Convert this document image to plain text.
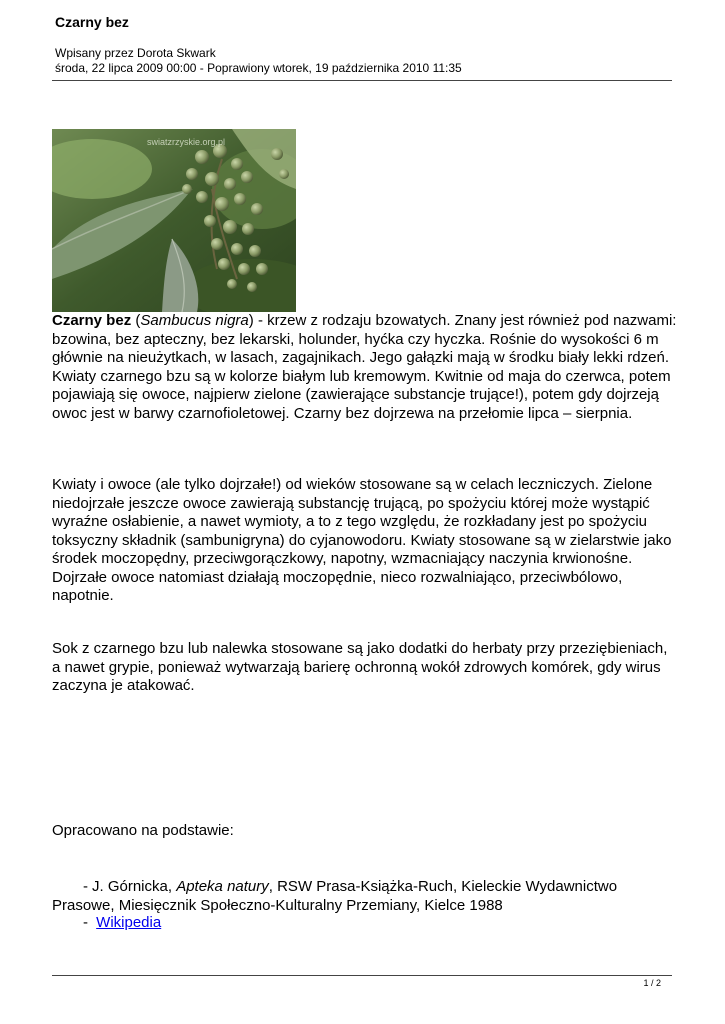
Czarny bez
Wpisany przez Dorota Skwark
środa, 22 lipca 2009 00:00 - Poprawiony wtorek, 19 października 2010 11:35
swiatzrzyskie.org.pl

Czarny bez (Sambucus nigra) - krzew z rodzaju bzowatych. Znany jest również pod nazwami: bzowina, bez apteczny, bez lekarski, holunder, hyćka czy hyczka. Rośnie do wysokości 6 m głównie na nieużytkach, w lasach, zagajnikach. Jego gałązki mają w środku biały lekki rdzeń. Kwiaty czarnego bzu są w kolorze białym lub kremowym. Kwitnie od maja do czerwca, potem pojawiają się owoce, najpierw zielone (zawierające substancje trujące!), potem gdy dojrzeją owoc jest w barwy czarnofioletowej. Czarny bez dojrzewa na przełomie lipca – sierpnia.

Kwiaty i owoce (ale tylko dojrzałe!) od wieków stosowane są w celach leczniczych. Zielone niedojrzałe jeszcze owoce zawierają substancję trującą, po spożyciu której może wystąpić wyraźne osłabienie, a nawet wymioty, a to z tego względu, że rozkładany jest po spożyciu toksyczny składnik (sambunigryna) do cyjanowodoru. Kwiaty stosowane są w zielarstwie jako środek moczopędny, przeciwgorączkowy, napotny, wzmacniający naczynia krwionośne. Dojrzałe owoce natomiast działają moczopędnie, nieco rozwalniająco, przeciwbólowo, napotnie.

Sok z czarnego bzu lub nalewka stosowane są jako dodatki do herbaty przy przeziębieniach, a nawet grypie, ponieważ wytwarzają barierę ochronną wokół zdrowych komórek, gdy wirus zaczyna je atakować.

Opracowano na podstawie:

- J. Górnicka, Apteka natury, RSW Prasa-Książka-Ruch, Kieleckie Wydawnictwo Prasowe, Miesięcznik Społeczno-Kulturalny Przemiany, Kielce 1988
- Wikipedia
1 / 2
